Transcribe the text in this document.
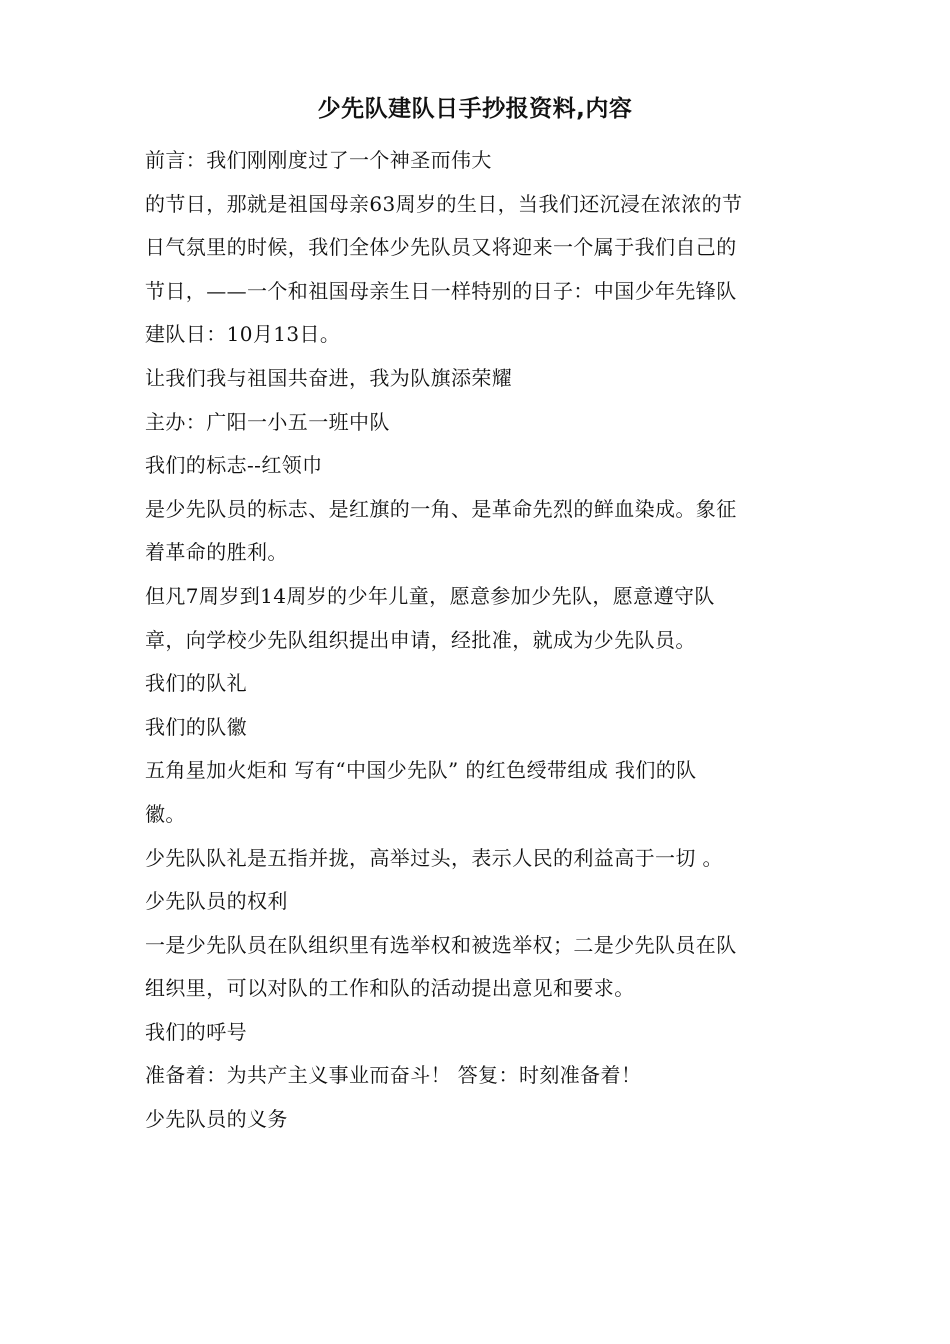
少先队建队日手抄报资料,内容
前言：我们刚刚度过了一个神圣而伟大
的节日，那就是祖国母亲63周岁的生日，当我们还沉浸在浓浓的节
日气氛里的时候，我们全体少先队员又将迎来一个属于我们自己的
节日，——一个和祖国母亲生日一样特别的日子：中国少年先锋队
建队日：10月13日。
让我们我与祖国共奋进，我为队旗添荣耀
主办：广阳一小五一班中队
我们的标志--红领巾
是少先队员的标志、是红旗的一角、是革命先烈的鲜血染成。象征
着革命的胜利。
但凡7周岁到14周岁的少年儿童，愿意参加少先队，愿意遵守队
章，向学校少先队组织提出申请，经批准，就成为少先队员。
我们的队礼
我们的队徽
五角星加火炬和 写有“中国少先队” 的红色绶带组成 我们的队
徽。
少先队队礼是五指并拢，高举过头，表示人民的利益高于一切 。
少先队员的权利
一是少先队员在队组织里有选举权和被选举权；二是少先队员在队
组织里，可以对队的工作和队的活动提出意见和要求。
我们的呼号
准备着：为共产主义事业而奋斗！ 答复：时刻准备着！
少先队员的义务
